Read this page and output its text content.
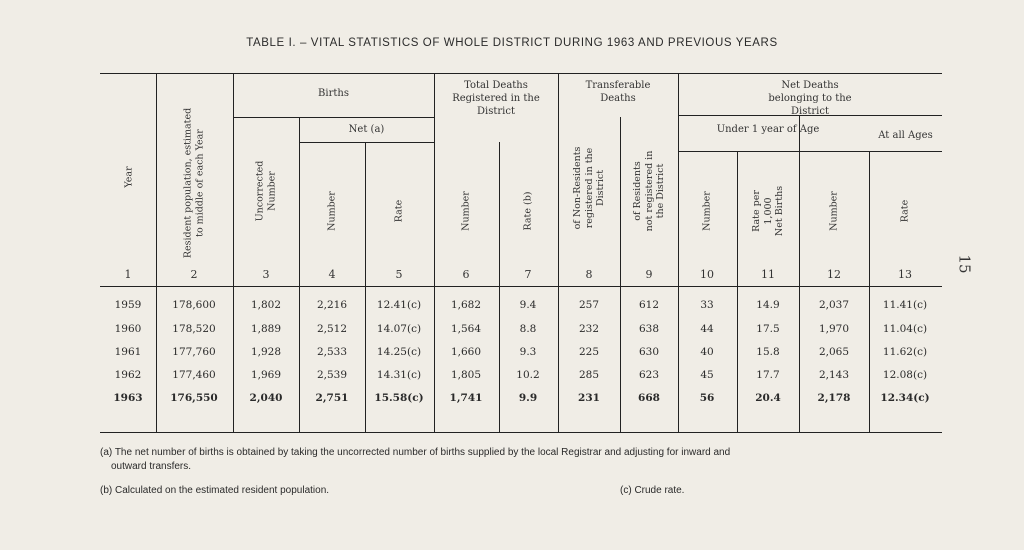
TABLE I. – VITAL STATISTICS OF WHOLE DISTRICT DURING 1963 AND PREVIOUS YEARS
15
Year	Resident population, estimated to middle of each Year
Births
Net (a)
Uncorrected Number
Number	Rate
Total Deaths Registered in the District
Number	Rate (b)
Transferable Deaths
of Non-Residents registered in the District	of Residents not registered in the District
Net Deaths belonging to the District
Under 1 year of Age
At all Ages
Number	Rate per 1,000 Net Births	Number	Rate
1	2	3	4	5	6	7	8	9	10	11	12	13
1959	178,600	1,802	2,216	12.41(c)	1,682	9.4	257	612	33	14.9	2,037	11.41(c)
1960	178,520	1,889	2,512	14.07(c)	1,564	8.8	232	638	44	17.5	1,970	11.04(c)
1961	177,760	1,928	2,533	14.25(c)	1,660	9.3	225	630	40	15.8	2,065	11.62(c)
1962	177,460	1,969	2,539	14.31(c)	1,805	10.2	285	623	45	17.7	2,143	12.08(c)
1963	176,550	2,040	2,751	15.58(c)	1,741	9.9	231	668	56	20.4	2,178	12.34(c)
(a) The net number of births is obtained by taking the uncorrected number of births supplied by the local Registrar and adjusting for inward and
outward transfers.
(b) Calculated on the estimated resident population.	(c) Crude rate.
